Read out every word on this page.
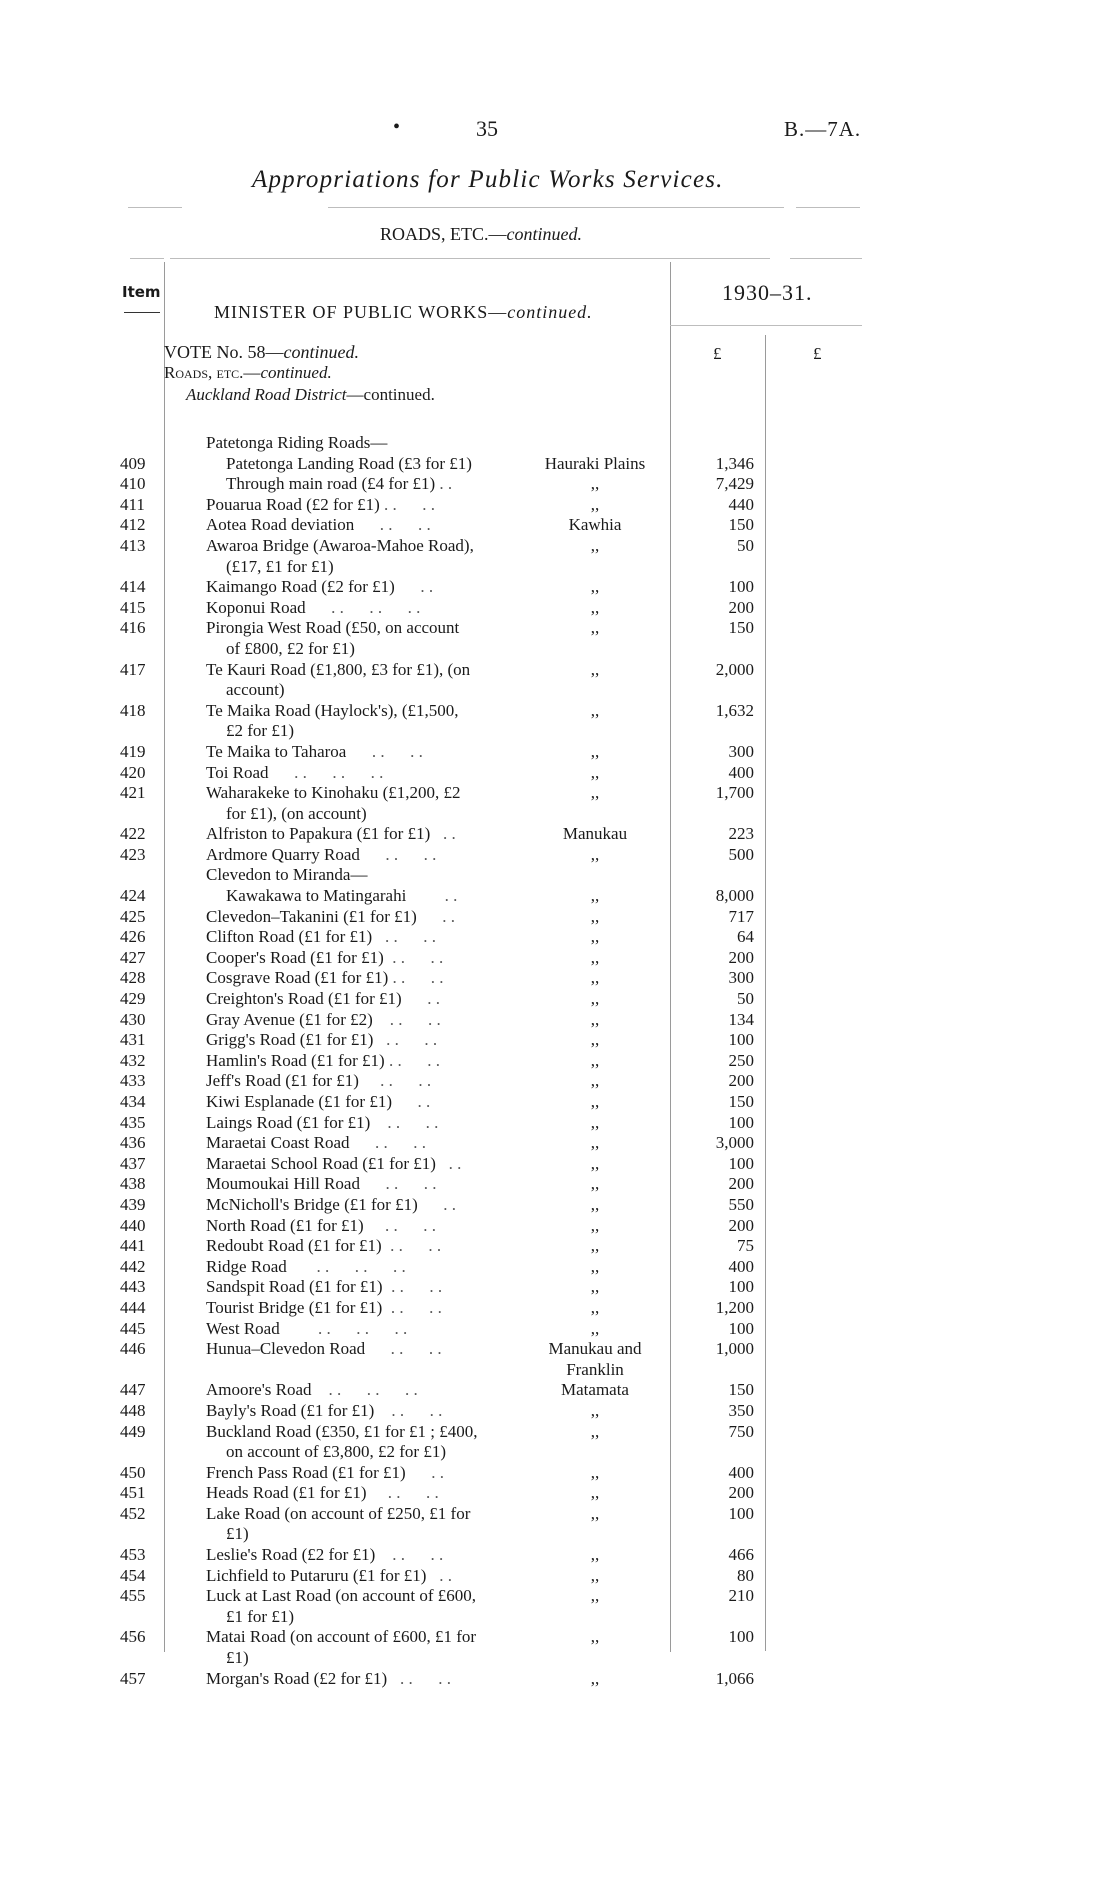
•	35	B.—7A.
Appropriations for Public Works Services.
ROADS, ETC.—continued.
Item
MINISTER OF PUBLIC WORKS—continued.
1930–31.
£	£
VOTE No. 58—continued.
Roads, etc.—continued.
Auckland Road District—continued.
Patetonga Riding Roads—
409	Patetonga Landing Road (£3 for £1)	Hauraki Plains	1,346
410	Through main road (£4 for £1) . .	,,	7,429
411	Pouarua Road (£2 for £1) . .      . .	,,	440
412	Aotea Road deviation      . .      . .	Kawhia	150
413	Awaroa Bridge (Awaroa-Mahoe Road),	,,	50
(£17, £1 for £1)
414	Kaimango Road (£2 for £1)      . .	,,	100
415	Koponui Road      . .      . .      . .	,,	200
416	Pirongia West Road (£50, on account	,,	150
of £800, £2 for £1)
417	Te Kauri Road (£1,800, £3 for £1), (on	,,	2,000
account)
418	Te Maika Road (Haylock's), (£1,500,	,,	1,632
£2 for £1)
419	Te Maika to Taharoa      . .      . .	,,	300
420	Toi Road      . .      . .      . .	,,	400
421	Waharakeke to Kinohaku (£1,200, £2	,,	1,700
for £1), (on account)
422	Alfriston to Papakura (£1 for £1)   . .	Manukau	223
423	Ardmore Quarry Road      . .      . .	,,	500
Clevedon to Miranda—
424	Kawakawa to Matingarahi         . .	,,	8,000
425	Clevedon–Takanini (£1 for £1)      . .	,,	717
426	Clifton Road (£1 for £1)   . .      . .	,,	64
427	Cooper's Road (£1 for £1)  . .      . .	,,	200
428	Cosgrave Road (£1 for £1) . .      . .	,,	300
429	Creighton's Road (£1 for £1)      . .	,,	50
430	Gray Avenue (£1 for £2)    . .      . .	,,	134
431	Grigg's Road (£1 for £1)   . .      . .	,,	100
432	Hamlin's Road (£1 for £1) . .      . .	,,	250
433	Jeff's Road (£1 for £1)     . .      . .	,,	200
434	Kiwi Esplanade (£1 for £1)      . .	,,	150
435	Laings Road (£1 for £1)    . .      . .	,,	100
436	Maraetai Coast Road      . .      . .	,,	3,000
437	Maraetai School Road (£1 for £1)   . .	,,	100
438	Moumoukai Hill Road      . .      . .	,,	200
439	McNicholl's Bridge (£1 for £1)      . .	,,	550
440	North Road (£1 for £1)     . .      . .	,,	200
441	Redoubt Road (£1 for £1)  . .      . .	,,	75
442	Ridge Road       . .      . .      . .	,,	400
443	Sandspit Road (£1 for £1)  . .      . .	,,	100
444	Tourist Bridge (£1 for £1)  . .      . .	,,	1,200
445	West Road         . .      . .      . .	,,	100
446	Hunua–Clevedon Road      . .      . .	Manukau and	1,000
Franklin
447	Amoore's Road    . .      . .      . .	Matamata	150
448	Bayly's Road (£1 for £1)    . .      . .	,,	350
449	Buckland Road (£350, £1 for £1 ; £400,	,,	750
on account of £3,800, £2 for £1)
450	French Pass Road (£1 for £1)      . .	,,	400
451	Heads Road (£1 for £1)     . .      . .	,,	200
452	Lake Road (on account of £250, £1 for	,,	100
£1)
453	Leslie's Road (£2 for £1)    . .      . .	,,	466
454	Lichfield to Putaruru (£1 for £1)   . .	,,	80
455	Luck at Last Road (on account of £600,	,,	210
£1 for £1)
456	Matai Road (on account of £600, £1 for	,,	100
£1)
457	Morgan's Road (£2 for £1)   . .      . .	,,	1,066
